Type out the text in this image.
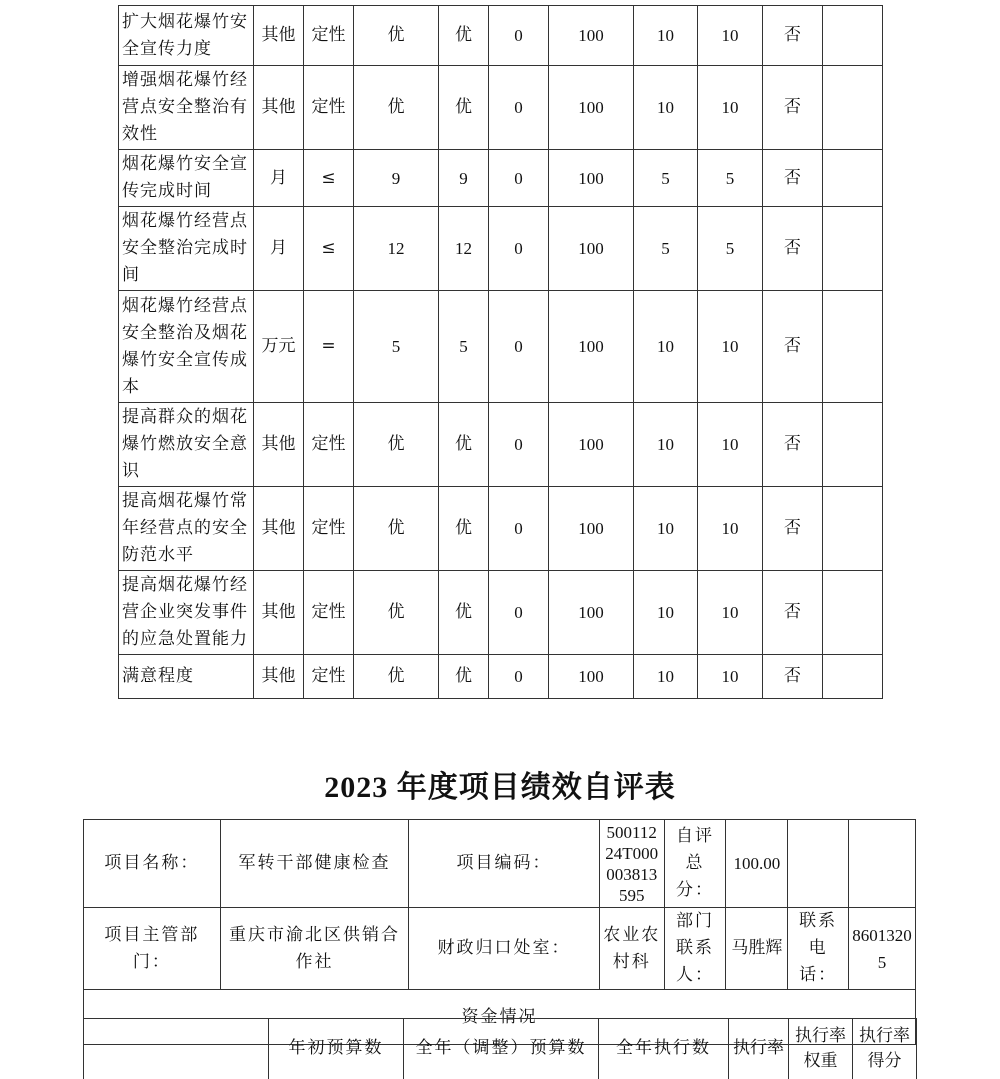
扩大烟花爆竹安全宣传力度	其他	定性	优	优	0	100	10	10	否	
增强烟花爆竹经营点安全整治有效性	其他	定性	优	优	0	100	10	10	否	
烟花爆竹安全宣传完成时间	月	≤	9	9	0	100	5	5	否	
烟花爆竹经营点安全整治完成时间	月	≤	12	12	0	100	5	5	否	
烟花爆竹经营点安全整治及烟花爆竹安全宣传成本	万元	=	5	5	0	100	10	10	否	
提高群众的烟花爆竹燃放安全意识	其他	定性	优	优	0	100	10	10	否	
提高烟花爆竹常年经营点的安全防范水平	其他	定性	优	优	0	100	10	10	否	
提高烟花爆竹经营企业突发事件的应急处置能力	其他	定性	优	优	0	100	10	10	否	
满意程度	其他	定性	优	优	0	100	10	10	否	
2023 年度项目绩效自评表
项目名称：	军转干部健康检查	项目编码：	50011224T000003813595	自评总分：	100.00		
项目主管部门：	重庆市渝北区供销合作社	财政归口处室：	农业农村科	部门联系人：	马胜辉	联系电话：	86013205
资金情况							
	年初预算数	全年（调整）预算数	全年执行数	执行率	执行率权重	执行率得分
